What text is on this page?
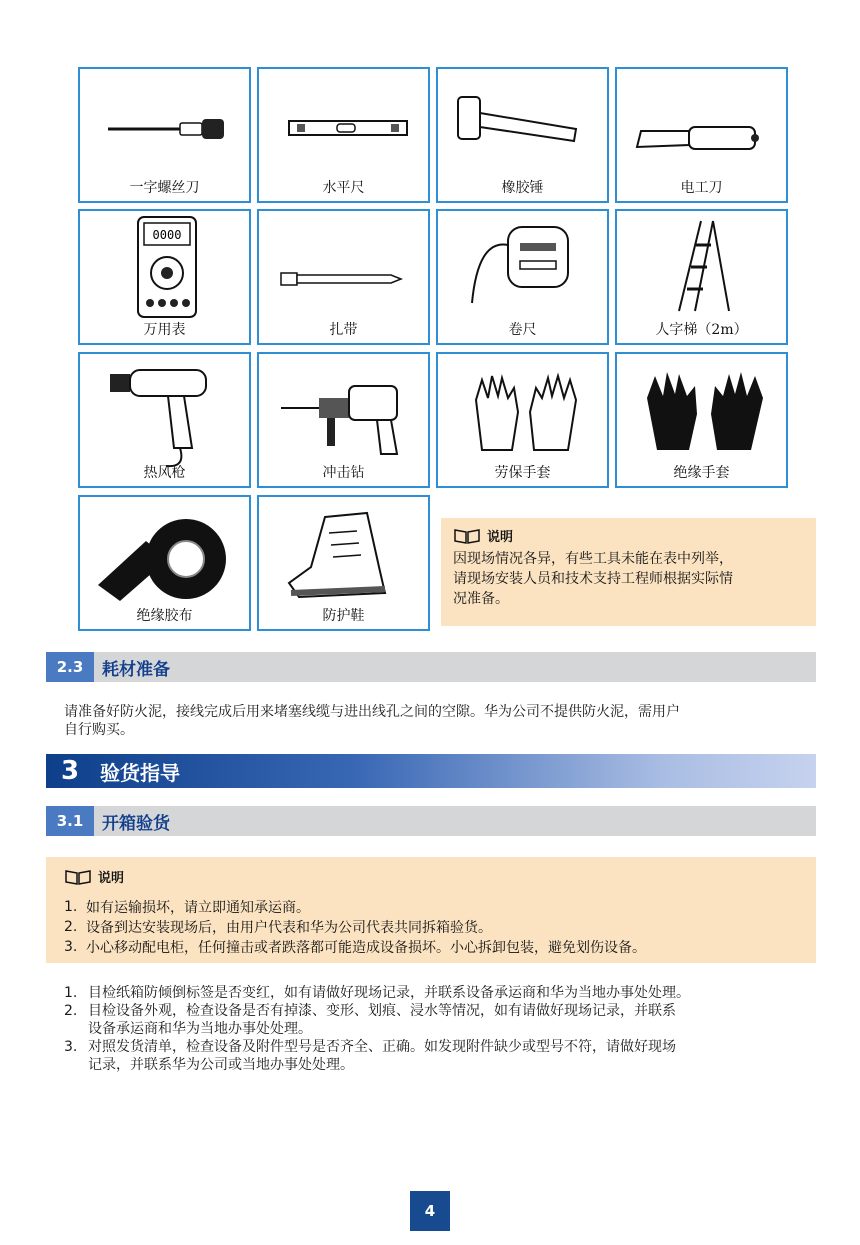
一字螺丝刀	水平尺	橡胶锤	电工刀
0000
万用表	扎带	卷尺	人字梯（2m）
热风枪	冲击钻	劳保手套	绝缘手套
绝缘胶布	防护鞋
说明
因现场情况各异，有些工具未能在表中列举，
请现场安装人员和技术支持工程师根据实际情
况准备。
2.3	耗材准备
请准备好防火泥，接线完成后用来堵塞线缆与进出线孔之间的空隙。华为公司不提供防火泥，需用户
自行购买。
3	验货指导
3.1	开箱验货
说明
1. 如有运输损坏，请立即通知承运商。
2. 设备到达安装现场后，由用户代表和华为公司代表共同拆箱验货。
3. 小心移动配电柜，任何撞击或者跌落都可能造成设备损坏。小心拆卸包装，避免划伤设备。
1. 目检纸箱防倾倒标签是否变红，如有请做好现场记录，并联系设备承运商和华为当地办事处处理。
2. 目检设备外观，检查设备是否有掉漆、变形、划痕、浸水等情况，如有请做好现场记录，并联系
设备承运商和华为当地办事处处理。
3. 对照发货清单，检查设备及附件型号是否齐全、正确。如发现附件缺少或型号不符，请做好现场
记录，并联系华为公司或当地办事处处理。
4
